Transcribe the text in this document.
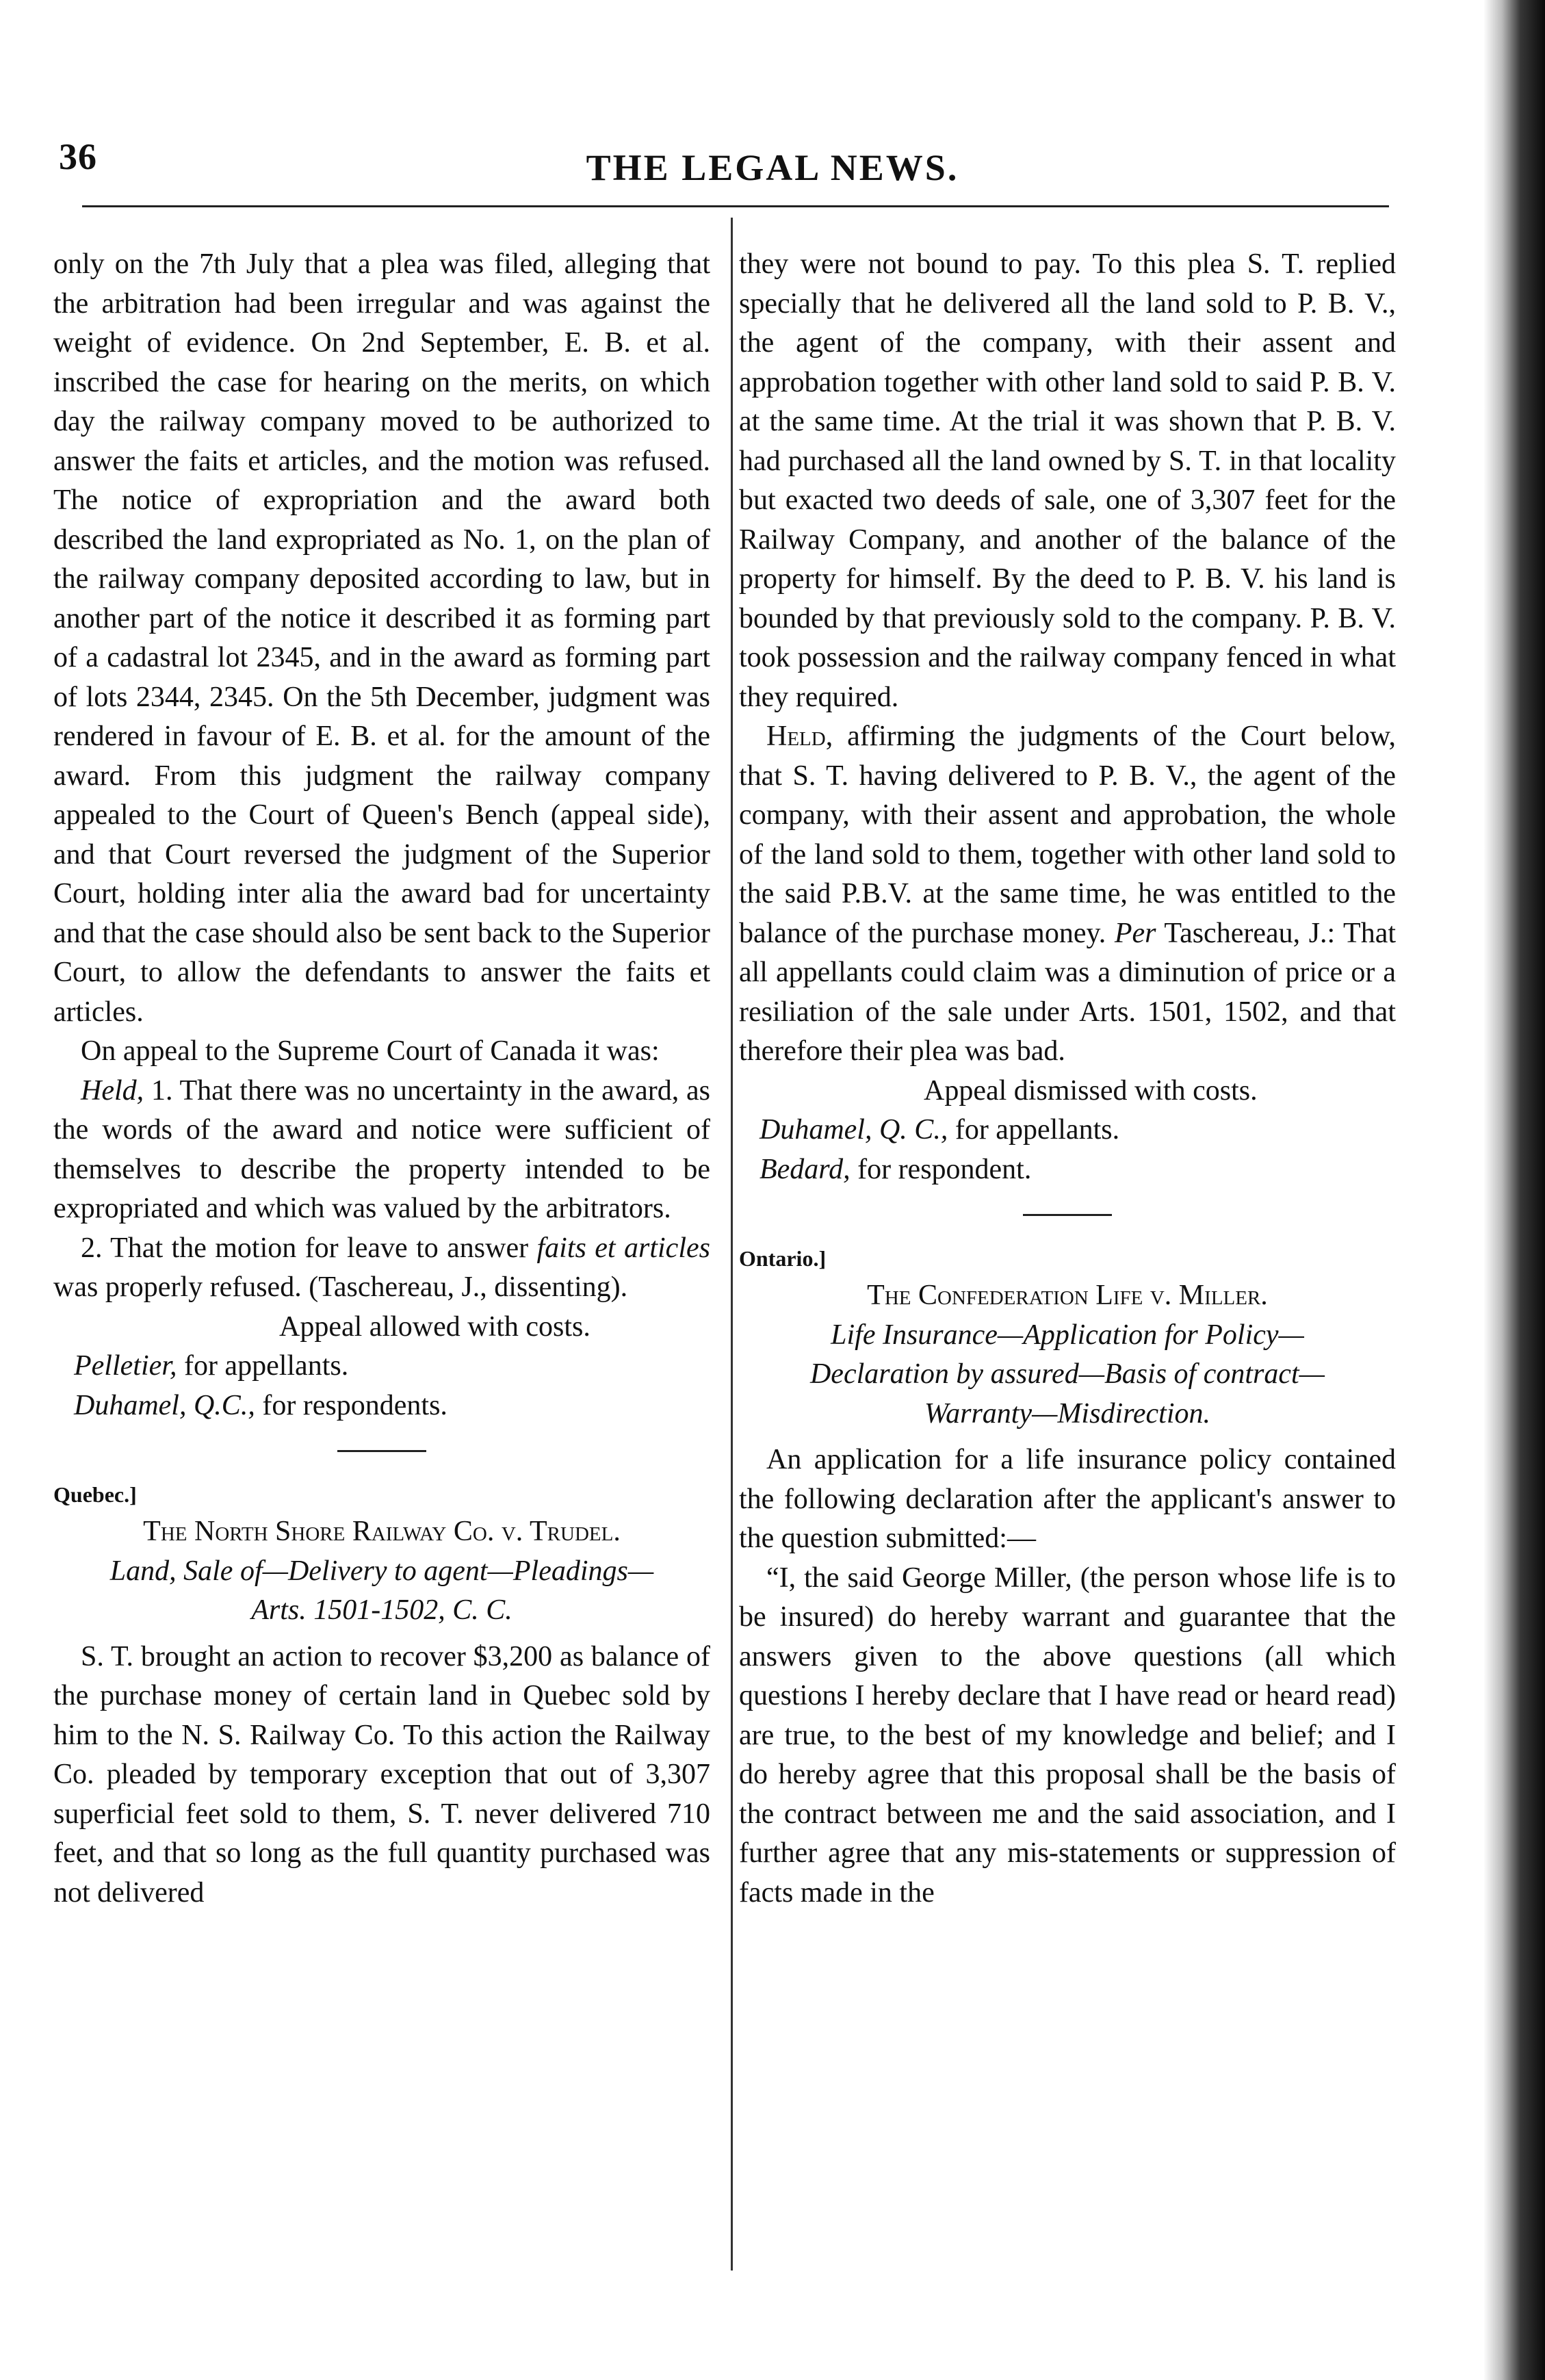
36	THE LEGAL NEWS.

only on the 7th July that a plea was filed, alleging that the arbitration had been irregular and was against the weight of evidence. On 2nd September, E. B. et al. inscribed the case for hearing on the merits, on which day the railway company moved to be authorized to answer the faits et articles, and the motion was refused. The notice of expropriation and the award both described the land expropriated as No. 1, on the plan of the railway company deposited according to law, but in another part of the notice it described it as forming part of a cadastral lot 2345, and in the award as forming part of lots 2344, 2345. On the 5th December, judgment was rendered in favour of E. B. et al. for the amount of the award. From this judgment the railway company appealed to the Court of Queen's Bench (appeal side), and that Court reversed the judgment of the Superior Court, holding inter alia the award bad for uncertainty and that the case should also be sent back to the Superior Court, to allow the defendants to answer the faits et articles.

On appeal to the Supreme Court of Canada it was:

Held, 1. That there was no uncertainty in the award, as the words of the award and notice were sufficient of themselves to describe the property intended to be expropriated and which was valued by the arbitrators.

2. That the motion for leave to answer faits et articles was properly refused. (Taschereau, J., dissenting).

Appeal allowed with costs.

Pelletier, for appellants.

Duhamel, Q.C., for respondents.

Quebec.]

The North Shore Railway Co. v. Trudel.

Land, Sale of—Delivery to agent—Pleadings—
Arts. 1501-1502, C. C.

S. T. brought an action to recover $3,200 as balance of the purchase money of certain land in Quebec sold by him to the N. S. Railway Co. To this action the Railway Co. pleaded by temporary exception that out of 3,307 superficial feet sold to them, S. T. never delivered 710 feet, and that so long as the full quantity purchased was not delivered

they were not bound to pay. To this plea S. T. replied specially that he delivered all the land sold to P. B. V., the agent of the company, with their assent and approbation together with other land sold to said P. B. V. at the same time. At the trial it was shown that P. B. V. had purchased all the land owned by S. T. in that locality but exacted two deeds of sale, one of 3,307 feet for the Railway Company, and another of the balance of the property for himself. By the deed to P. B. V. his land is bounded by that previously sold to the company. P. B. V. took possession and the railway company fenced in what they required.

Held, affirming the judgments of the Court below, that S. T. having delivered to P. B. V., the agent of the company, with their assent and approbation, the whole of the land sold to them, together with other land sold to the said P.B.V. at the same time, he was entitled to the balance of the purchase money. Per Taschereau, J.: That all appellants could claim was a diminution of price or a resiliation of the sale under Arts. 1501, 1502, and that therefore their plea was bad.

Appeal dismissed with costs.

Duhamel, Q. C., for appellants.

Bedard, for respondent.

Ontario.]

The Confederation Life v. Miller.

Life Insurance—Application for Policy—Declaration by assured—Basis of contract—
Warranty—Misdirection.

An application for a life insurance policy contained the following declaration after the applicant's answer to the question submitted:—

“I, the said George Miller, (the person whose life is to be insured) do hereby warrant and guarantee that the answers given to the above questions (all which questions I hereby declare that I have read or heard read) are true, to the best of my knowledge and belief; and I do hereby agree that this proposal shall be the basis of the contract between me and the said association, and I further agree that any mis-statements or suppression of facts made in the
